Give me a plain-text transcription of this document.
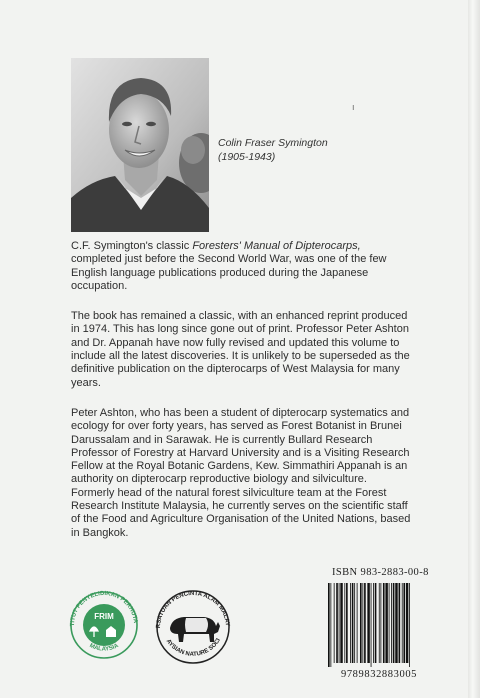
Colin Fraser Symington
(1905-1943)
ı

C.F. Symington's classic Foresters' Manual of Dipterocarps, completed just before the Second World War, was one of the few English language publications produced during the Japanese occupation.

The book has remained a classic, with an enhanced reprint produced in 1974. This has long since gone out of print. Professor Peter Ashton and Dr. Appanah have now fully revised and updated this volume to include all the latest discoveries. It is unlikely to be superseded as the definitive publication on the dipterocarps of West Malaysia for many years.

Peter Ashton, who has been a student of dipterocarp systematics and ecology for over forty years, has served as Forest Botanist in Brunei Darussalam and in Sarawak. He is currently Bullard Research Professor of Forestry at Harvard University and is a Visiting Research Fellow at the Royal Botanic Gardens, Kew. Simmathiri Appanah is an authority on dipterocarp reproductive biology and silviculture. Formerly head of the natural forest silviculture team at the Forest Research Institute Malaysia, he currently serves on the scientific staff of the Food and Agriculture Organisation of the United Nations, based in Bangkok.

TITUT PENYELIDIKAN PERHUTA
MALAYSIA
FRIM
RSATUAN PENCINTA ALAM MALAY
AYSIAN NATURE SOCI
ISBN 983-2883-00-8
9789832883005
